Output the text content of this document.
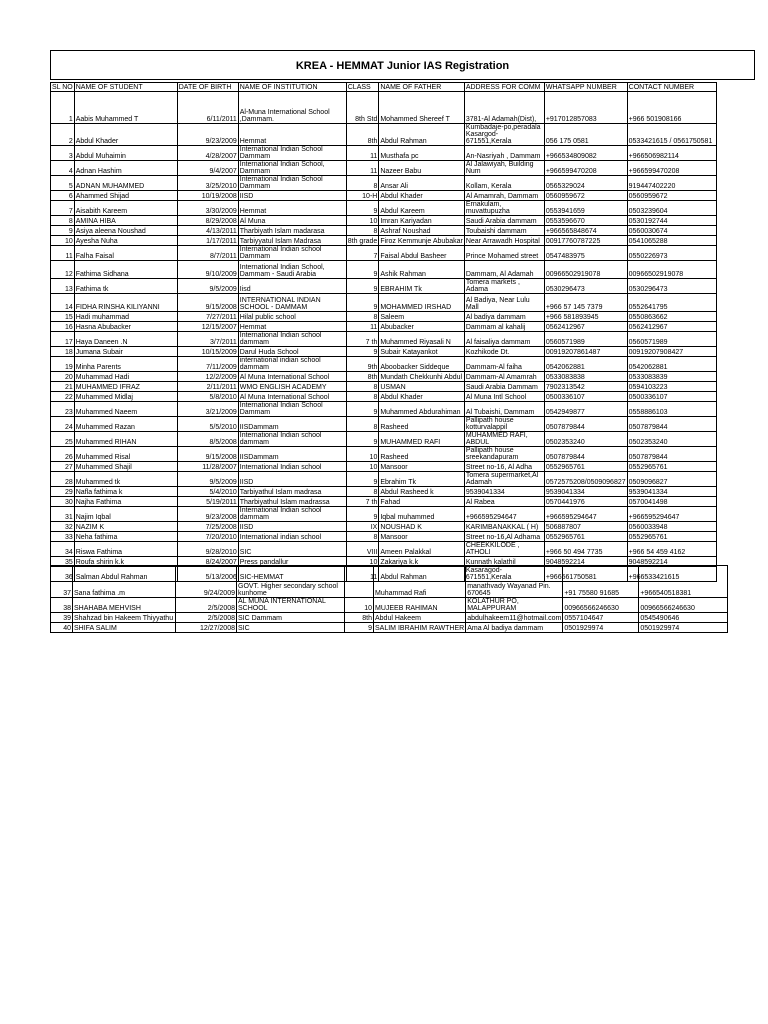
KREA - HEMMAT Junior IAS Registration
SL NO	NAME OF STUDENT	DATE OF BIRTH	NAME OF INSTITUTION	CLASS	NAME OF FATHER	ADDRESS FOR COMM	WHATSAPP NUMBER	CONTACT NUMBER
1	Aabis Muhammed T	6/11/2011	Al-Muna International School ,Dammam.	8th Std	Mohammed Shereef T	3781-Al Adamah(Dist),	+917012857083	+966 501908166
2	Abdul Khader	9/23/2009	Hemmat	8th	Abdul Rahman	Kumbadaje-po,peradala Kasargod-671551,Kerala	056 175 0581	0533421615 / 0561750581
3	Abdul Muhaimin	4/28/2007	International Indian School Dammam	11	Musthafa pc	An-Nasriyah , Dammam	+966534809082	+966506982114
4	Adnan Hashim	9/4/2007	International Indian School, Dammam	11	Nazeer Babu	Al Jalawiyah, Building Num	+966599470208	+966599470208
5	ADNAN MUHAMMED	3/25/2010	International Indian School Dammam	8	Ansar Ali	Kollam, Kerala	0565329024	919447402220
6	Ahammed Shijad	10/19/2008	IISD	10-H	Abdul Khader	Al Amamrah, Dammam	0560959672	0560959672
7	Aisabith Kareem	3/30/2009	Hemmat	9	Abdul Kareem	Ernakulam, muvattupuzha	0553941659	0503239604
8	AMINA HIBA	8/29/2008	Al Muna	10	Imran Kariyadan	Saudi Arabia dammam	0553596670	0530192744
9	Asiya aleena Noushad	4/13/2011	Tharbiyath Islam madarasa	8	Ashraf Noushad	Toubaishi dammam	+966565848674	0560030674
10	Ayesha Nuha	1/17/2011	Tarbiyyatul Islam Madrasa	8th grade	Firoz Kemmunje Abubakar	Near Arrawadh Hospital	00917760787225	0541065288
11	Falha Faisal	8/7/2011	International Indian school Dammam	7	Faisal Abdul Basheer	Prince Mohamed street	0547483975	0550226973
12	Fathima Sidhana	9/10/2009	International Indian School, Dammam - Saudi Arabia	9	Ashik Rahman	Dammam, Al Adamah	00966502919078	00966502919078
13	Fathima tk	9/5/2009	Iisd	9	EBRAHIM Tk	Tomera markets , Adama	0530296473	0530296473
14	FIDHA RINSHA KILIYANNI	9/15/2008	INTERNATIONAL INDIAN SCHOOL - DAMMAM	9	MOHAMMED IRSHAD	Al Badiya, Near Lulu Mall	+966 57 145 7379	0552641795
15	Hadi muhammad	7/27/2011	Hilal public school	8	Saleem	Al badiya dammam	+966 581893945	0550863662
16	Hasna Abubacker	12/15/2007	Hemmat	11	Abubacker	Dammam al kahalij	0562412967	0562412967
17	Haya Daneen .N	3/7/2011	International Indian school dammam	7 th	Muhammed Riyasali N	Al faisaliya dammam	0560571989	0560571989
18	Jumana Subair	10/15/2009	Darul Huda School	9	Subair Katayankot	Kozhikode Dt.	00919207861487	00919207908427
19	Minha Parents	7/11/2009	international indian school dammam	9th	Aboobacker Siddeque	Dammam-Al faiha	0542062881	0542062881
20	Muhammad Hadi	12/2/2009	Al Muna International School	8th	Mundath Chekkunhi Abdul	Dammam-Al Amamrah	0533083838	0533083839
21	MUHAMMED IFRAZ	2/11/2011	WMO ENGLISH ACADEMY	8	USMAN	Saudi Arabia Dammam	7902313542	0594103223
22	Muhammed Midlaj	5/8/2010	Al Muna International School	8	Abdul Khader	Al Muna Intl School	0500336107	0500336107
23	Muhammed Naeem	3/21/2009	International Indian School Dammam	9	Muhammed Abdurahiman	Al Tubaishi, Dammam	0542949877	0558886103
24	Muhammed Razan	5/5/2010	IISDammam	8	Rasheed	Pallipath house kotturvalappil	0507879844	0507879844
25	Muhammed RIHAN	8/5/2008	International Indian school dammam	9	MUHAMMED RAFI	MUHAMMED RAFI, ABDUL	0502353240	0502353240
26	Muhammed Risal	9/15/2008	IISDammam	10	Rasheed	Pallipath house sreekandapuram	0507879844	0507879844
27	Muhammed Shajil	11/28/2007	International Indian school	10	Mansoor	Street no-16, Al Adha	0552965761	0552965761
28	Muhammed tk	9/5/2009	IISD	9	Ebrahim Tk	Tomera supermarket,Al Adamah	0572575208/0509096827	0509096827
29	Nafla fathima k	5/4/2010	Tarbiyathul Islam madrasa	8	Abdul Rasheed k	9539041334	9539041334	9539041334
30	Najha Fathima	5/19/2011	Tharbiyathul Islam madrassa	7 th	Fahad	Al Rabea	0570441976	0570041498
31	Najim Iqbal	9/23/2008	International Indian school dammam	9	Iqbal muhammed	+966595294647	+966595294647	+966595294647
32	NAZIM K	7/25/2008	IISD	IX	NOUSHAD K	KARIMBANAKKAL ( H)	506887807	0560033948
33	Neha fathima	7/20/2010	International indian school	8	Mansoor	Street no-16,Al Adhama	0552965761	0552965761
34	Riswa Fathima	9/28/2010	SIC	VIII	Ameen Palakkal	CHEEKKILODE , ATHOLI	+966 50 494 7735	+966 54 459 4162
35	Roufa shirin k.k	8/24/2007	Press pandallur	10	Zakariya k.k	Kunnath kalathil	9048592214	9048592214
36	Salman Abdul Rahman	5/13/2006	SIC-HEMMAT	11	Abdul Rahman	Kasaragod-671551,Kerala	+966561750581	+966533421615
37	Sana fathima .m	9/24/2009	GOVT. Higher secondary school kunhome		Muhammad Rafi	manathvady Wayanad Pin. 670645	+91 75580 91685	+966540518381
38	SHAHABA MEHVISH	2/5/2008	AL MUNA INTERNATIONAL SCHOOL	10	MUJEEB RAHIMAN	KOLATHUR PO, MALAPPURAM	00966566246630	00966566246630
39	Shahzad bin Hakeem Thiyyathu	2/5/2008	SIC Dammam	8th	Abdul Hakeem	abdulhakeem11@hotmail.com	0557104647	0545490646
40	SHIFA SALIM	12/27/2008	SIC	9	SALIM IBRAHIM RAWTHER	Ama Al badiya dammam	0501929974	0501929974
